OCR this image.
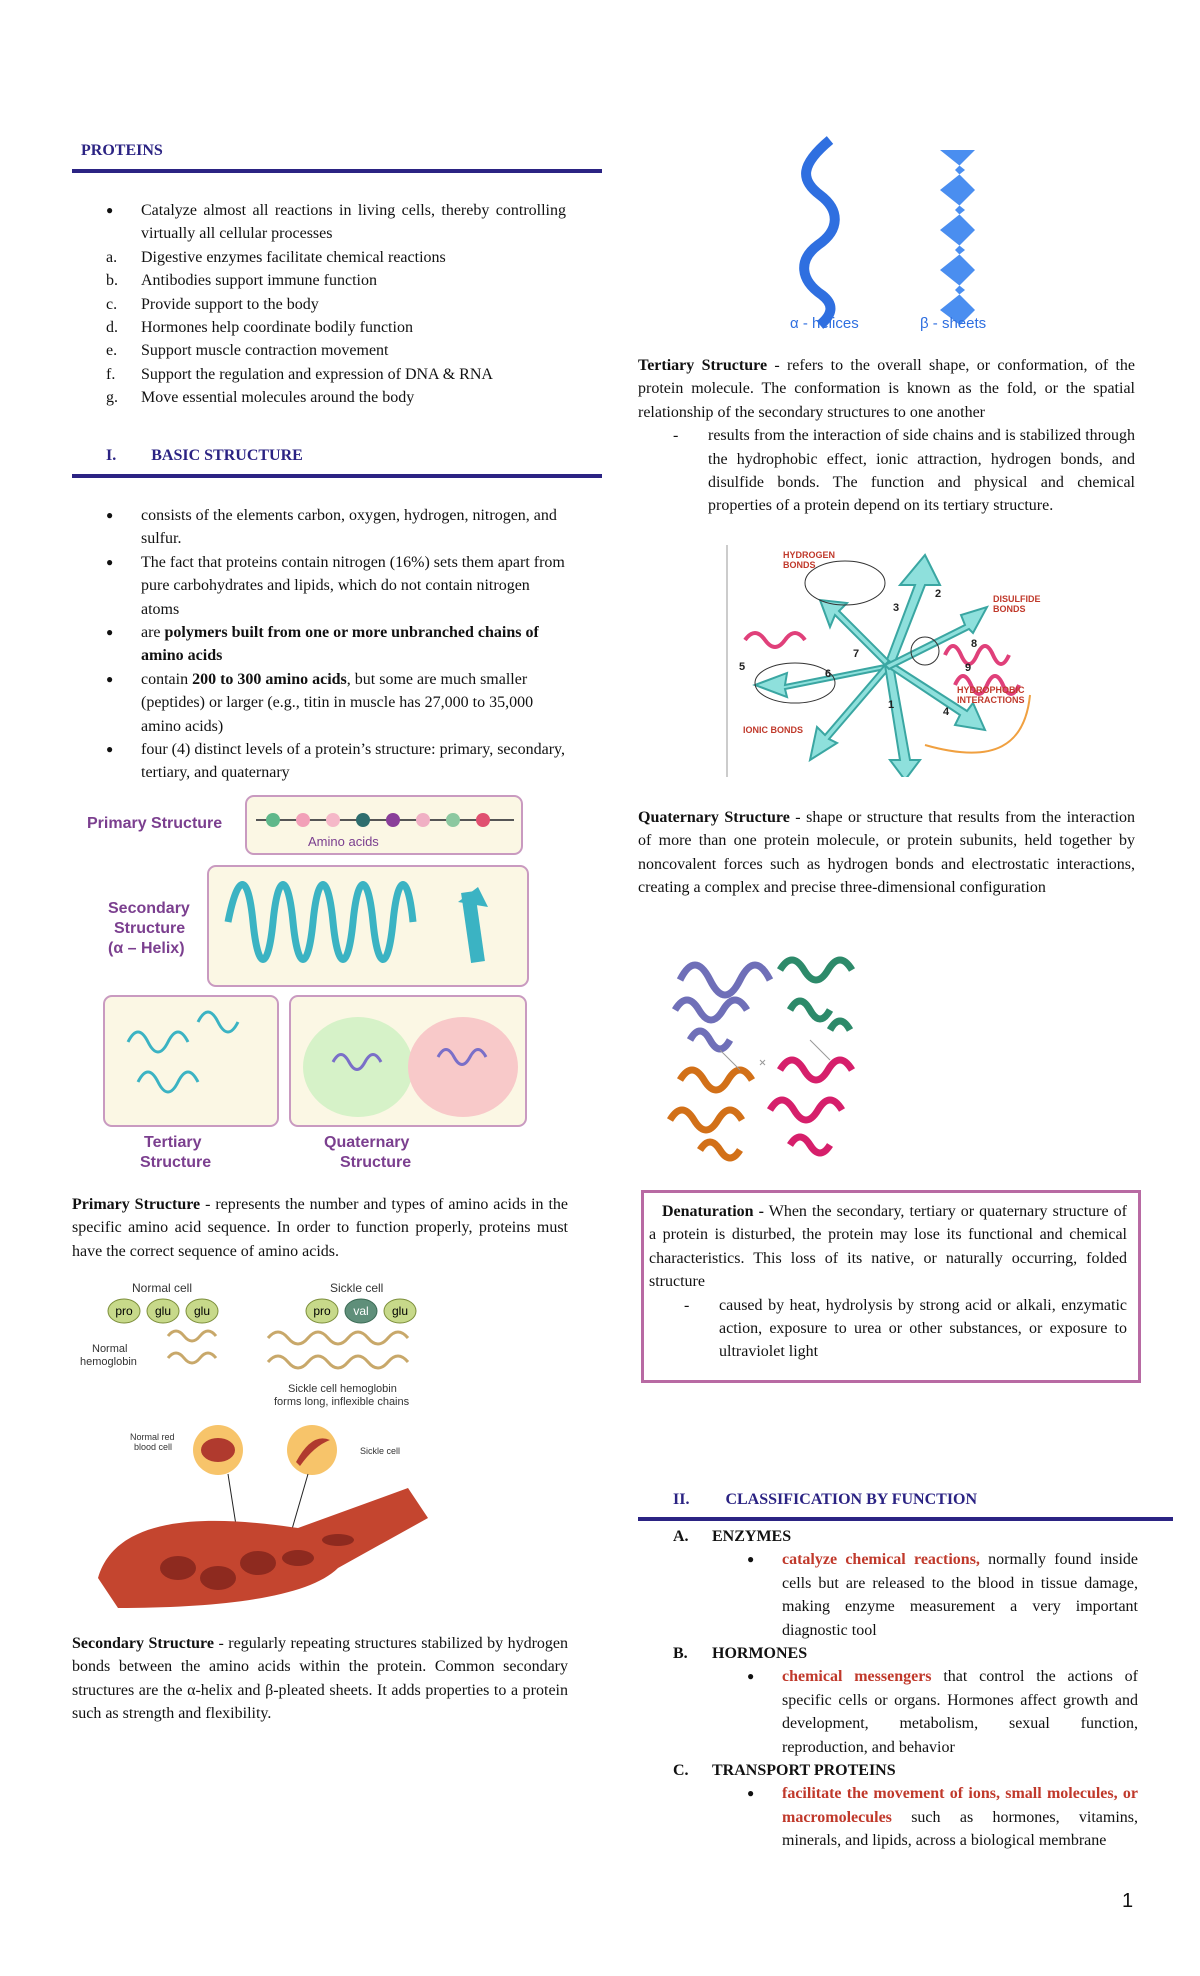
PROTEINS
● Catalyze almost all reactions in living cells, thereby controlling virtually all cellular processes
a. Digestive enzymes facilitate chemical reactions
b. Antibodies support immune function
c. Provide support to the body
d. Hormones help coordinate bodily function
e. Support muscle contraction movement
f. Support the regulation and expression of DNA & RNA
g. Move essential molecules around the body
I. BASIC STRUCTURE
● consists of the elements carbon, oxygen, hydrogen, nitrogen, and sulfur.
● The fact that proteins contain nitrogen (16%) sets them apart from pure carbohydrates and lipids, which do not contain nitrogen atoms
● are polymers built from one or more unbranched chains of amino acids
● contain 200 to 300 amino acids, but some are much smaller (peptides) or larger (e.g., titin in muscle has 27,000 to 35,000 amino acids)
● four (4) distinct levels of a protein’s structure: primary, secondary, tertiary, and quaternary
Primary Structure
Amino acids
Secondary
Structure
(α – Helix)
Tertiary
Structure
Quaternary
Structure
Primary Structure - represents the number and types of amino acids in the specific amino acid sequence. In order to function properly, proteins must have the correct sequence of amino acids.
Normal cell	Sickle cell
pro glu glu	pro val glu
Normal
hemoglobin
Sickle cell hemoglobin
forms long, inflexible chains
Normal red
blood cell	Sickle cell
Secondary Structure - regularly repeating structures stabilized by hydrogen bonds between the amino acids within the protein. Common secondary structures are the α-helix and β-pleated sheets. It adds properties to a protein such as strength and flexibility.
α - helices	β - sheets
Tertiary Structure - refers to the overall shape, or conformation, of the protein molecule. The conformation is known as the fold, or the spatial relationship of the secondary structures to one another
- results from the interaction of side chains and is stabilized through the hydrophobic effect, ionic attraction, hydrogen bonds, and disulfide bonds. The function and physical and chemical properties of a protein depend on its tertiary structure.
HYDROGEN
BONDS
DISULFIDE
BONDS
HYDROPHOBIC
INTERACTIONS
IONIC BONDS
1
2
3
4
5
6
7
8
9
Quaternary Structure - shape or structure that results from the interaction of more than one protein molecule, or protein subunits, held together by noncovalent forces such as hydrogen bonds and electrostatic interactions, creating a complex and precise three-dimensional configuration
Denaturation - When the secondary, tertiary or quaternary structure of a protein is disturbed, the protein may lose its functional and chemical characteristics. This loss of its native, or naturally occurring, folded structure
- caused by heat, hydrolysis by strong acid or alkali, enzymatic action, exposure to urea or other substances, or exposure to ultraviolet light
II. CLASSIFICATION BY FUNCTION
A. ENZYMES
● catalyze chemical reactions, normally found inside cells but are released to the blood in tissue damage, making enzyme measurement a very important diagnostic tool
B. HORMONES
● chemical messengers that control the actions of specific cells or organs. Hormones affect growth and development, metabolism, sexual function, reproduction, and behavior
C. TRANSPORT PROTEINS
● facilitate the movement of ions, small molecules, or macromolecules such as hormones, vitamins, minerals, and lipids, across a biological membrane
1
